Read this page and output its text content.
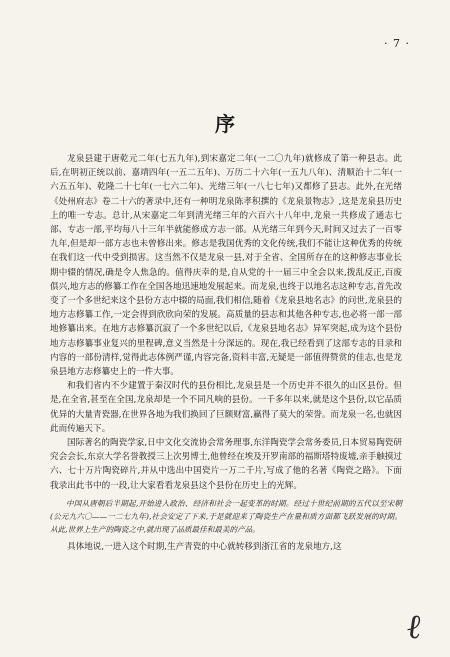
· 7 ·
序

龙泉县建于唐乾元二年(七五九年),到宋嘉定二年(一二〇九年)就修成了第一种县志。此后,在明初正统以前、嘉靖四年(一五二五年)、万历二十六年(一五九八年)、清顺治十二年(一六五五年)、乾隆二十七年(一七六二年)、光绪三年(一八七七年)又都修了县志。此外,在光绪《处州府志》卷二十六的著录中,还有一种明龙泉陈孝积撰的《龙泉景物志》,这是龙泉县历史上的唯一专志。总计,从宋嘉定二年到清光绪三年的六百六十八年中,龙泉一共修成了通志七部、专志一部,平均每八十三年半就能修成方志一部。从光绪三年到今天,时间又过去了一百零九年,但是却一部方志也未曾修出来。修志是我国优秀的文化传统,我们不能让这种优秀的传统在我们这一代中受到损害。这当然不仅是龙泉一县,对于全省、全国所存在的这种修志事业长期中辍的情况,确是令人焦急的。值得庆幸的是,自从党的十一届三中全会以来,拨乱反正,百废俱兴,地方志的修纂工作在全国各地迅速地发展起来。而龙泉,也终于以地名志这种专志,首先改变了一个多世纪来这个县份方志中辍的局面,我们相信,随着《龙泉县地名志》的问世,龙泉县的地方志修纂工作,一定会得到欣欣向荣的发展。高质量的县志和其他各种专志,也必将一部一部地修纂出来。在地方志修纂沉寂了一个多世纪以后,《龙泉县地名志》异军突起,成为这个县份地方志修纂事业复兴的里程碑,意义当然是十分深远的。现在,我已经看到了这部专志的目录和内容的一部份清样,觉得此志体例严谨,内容完备,资料丰富,无疑是一部值得赞赏的佳志,也是龙泉县地方志修纂史上的一件大事。

和我们省内不少建置于秦汉时代的县份相比,龙泉县是一个历史并不很久的山区县份。但是,在全省,甚至在全国,龙泉却是一个不同凡响的县份。一千多年以来,就是这个县份,以它品质优异的大量青瓷器,在世界各地为我们换回了巨额财富,赢得了莫大的荣誉。而龙泉一名,也就因此而传遍天下。

国际著名的陶瓷学家,日中文化交流协会常务理事,东洋陶瓷学会常务委员,日本贸易陶瓷研究会会长,东京大学名誉教授三上次男博士,他曾经在埃及开罗南部的福斯塔特废墟,亲手触摸过六、七十万片陶瓷碎片,并从中选出中国瓷片一万二千片,写成了他的名著《陶瓷之路》。下面我录出此书中的一段,让大家看看龙泉县这个县份在历史上的光辉。

中国从唐朝后半期起,开始进入政治、经济和社会一起变革的时期。经过十世纪前期的五代以至宋朝(公元九六〇——一二七九年),社会安定了下来,于是就迎来了陶瓷生产在量和质方面都飞跃发展的时期。从此,世界上生产的陶瓷之中,就出现了品质最佳和最美的产品。

具体地说,一进入这个时期,生产青瓷的中心就转移到浙江省的龙泉地方,这

ℓ
